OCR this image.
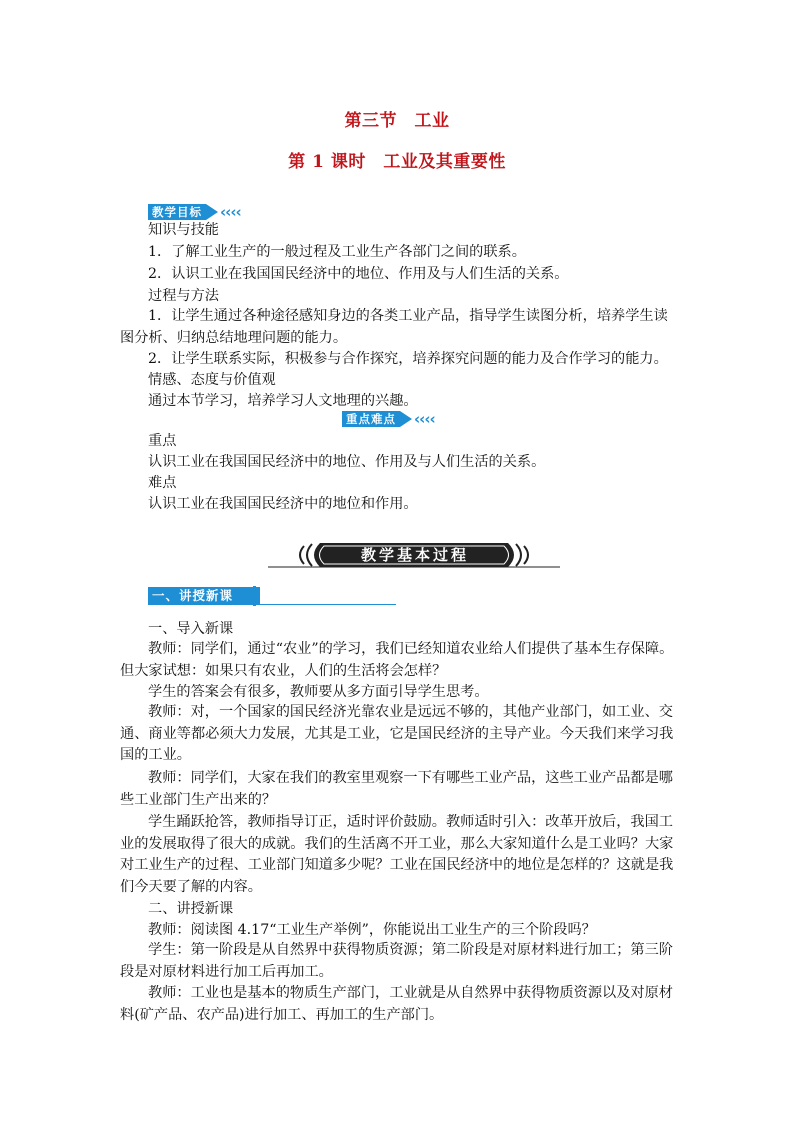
第三节　工业
第 1 课时　工业及其重要性
教学目标 ‹‹‹‹
知识与技能
1．了解工业生产的一般过程及工业生产各部门之间的联系。
2．认识工业在我国国民经济中的地位、作用及与人们生活的关系。
过程与方法
1．让学生通过各种途径感知身边的各类工业产品，指导学生读图分析，培养学生读图分析、归纳总结地理问题的能力。
2．让学生联系实际，积极参与合作探究，培养探究问题的能力及合作学习的能力。
情感、态度与价值观
通过本节学习，培养学习人文地理的兴趣。
重点难点 ‹‹‹‹
重点
认识工业在我国国民经济中的地位、作用及与人们生活的关系。
难点
认识工业在我国国民经济中的地位和作用。
教学基本过程
一、讲授新课
一、导入新课
教师：同学们，通过“农业”的学习，我们已经知道农业给人们提供了基本生存保障。但大家试想：如果只有农业，人们的生活将会怎样？
学生的答案会有很多，教师要从多方面引导学生思考。
教师：对，一个国家的国民经济光靠农业是远远不够的，其他产业部门，如工业、交通、商业等都必须大力发展，尤其是工业，它是国民经济的主导产业。今天我们来学习我国的工业。
教师：同学们，大家在我们的教室里观察一下有哪些工业产品，这些工业产品都是哪些工业部门生产出来的？
学生踊跃抢答，教师指导订正，适时评价鼓励。教师适时引入：改革开放后，我国工业的发展取得了很大的成就。我们的生活离不开工业，那么大家知道什么是工业吗？大家对工业生产的过程、工业部门知道多少呢？工业在国民经济中的地位是怎样的？这就是我们今天要了解的内容。
二、讲授新课
教师：阅读图 4.17“工业生产举例”，你能说出工业生产的三个阶段吗？
学生：第一阶段是从自然界中获得物质资源；第二阶段是对原材料进行加工；第三阶段是对原材料进行加工后再加工。
教师：工业也是基本的物质生产部门，工业就是从自然界中获得物质资源以及对原材料(矿产品、农产品)进行加工、再加工的生产部门。
